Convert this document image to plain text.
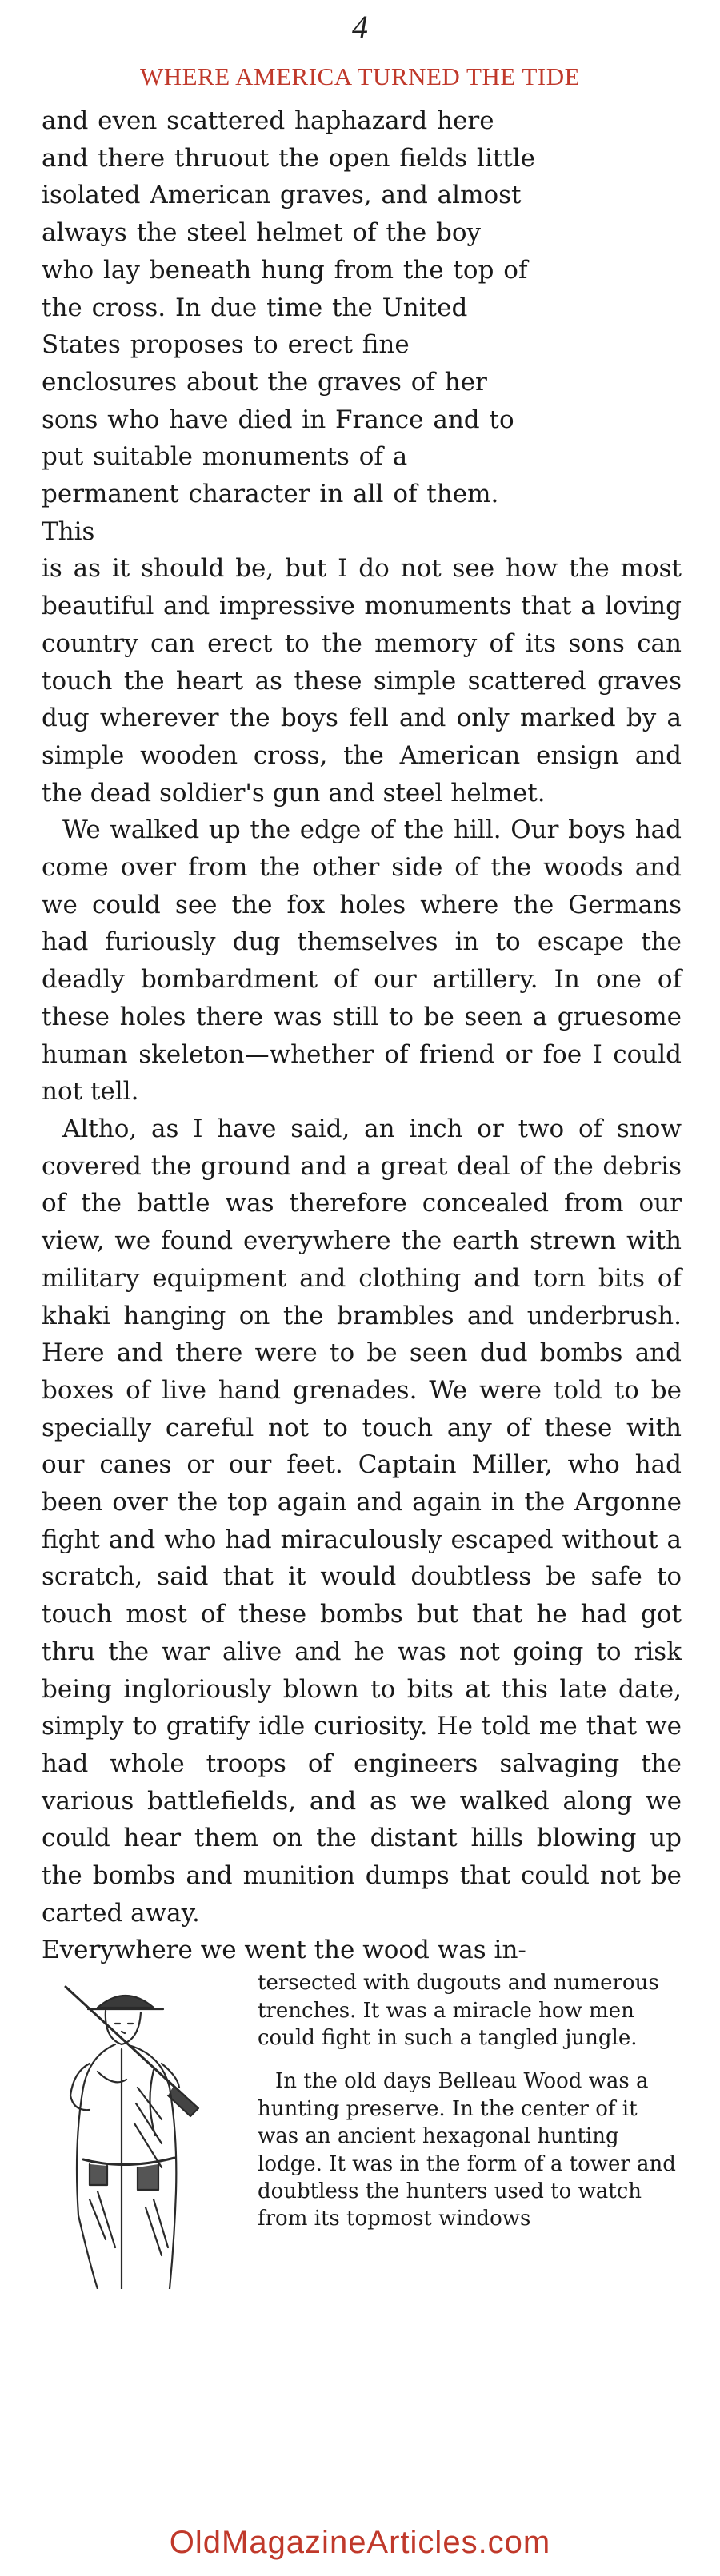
4
WHERE AMERICA TURNED THE TIDE

and even scattered haphazard here and there thruout the open fields little isolated American graves, and almost always the steel helmet of the boy who lay beneath hung from the top of the cross. In due time the United States proposes to erect fine enclosures about the graves of her sons who have died in France and to put suitable monuments of a permanent character in all of them. This

is as it should be, but I do not see how the most beautiful and impressive monuments that a loving country can erect to the memory of its sons can touch the heart as these simple scattered graves dug wherever the boys fell and only marked by a simple wooden cross, the American ensign and the dead soldier's gun and steel helmet.

We walked up the edge of the hill. Our boys had come over from the other side of the woods and we could see the fox holes where the Germans had furiously dug themselves in to escape the deadly bombardment of our artillery. In one of these holes there was still to be seen a gruesome human skeleton—whether of friend or foe I could not tell.

Altho, as I have said, an inch or two of snow covered the ground and a great deal of the debris of the battle was therefore concealed from our view, we found everywhere the earth strewn with military equipment and clothing and torn bits of khaki hanging on the brambles and underbrush. Here and there were to be seen dud bombs and boxes of live hand grenades. We were told to be specially careful not to touch any of these with our canes or our feet. Captain Miller, who had been over the top again and again in the Argonne fight and who had miraculously escaped without a scratch, said that it would doubtless be safe to touch most of these bombs but that he had got thru the war alive and he was not going to risk being ingloriously blown to bits at this late date, simply to gratify idle curiosity. He told me that we had whole troops of engineers salvaging the various battlefields, and as we walked along we could hear them on the distant hills blowing up the bombs and munition dumps that could not be carted away.

Everywhere we went the wood was in-

tersected with dugouts and numerous trenches. It was a miracle how men could fight in such a tangled jungle.

In the old days Belleau Wood was a hunting preserve. In the center of it was an ancient hexagonal hunting lodge. It was in the form of a tower and doubtless the hunters used to watch from its topmost windows

OldMagazineArticles.com
